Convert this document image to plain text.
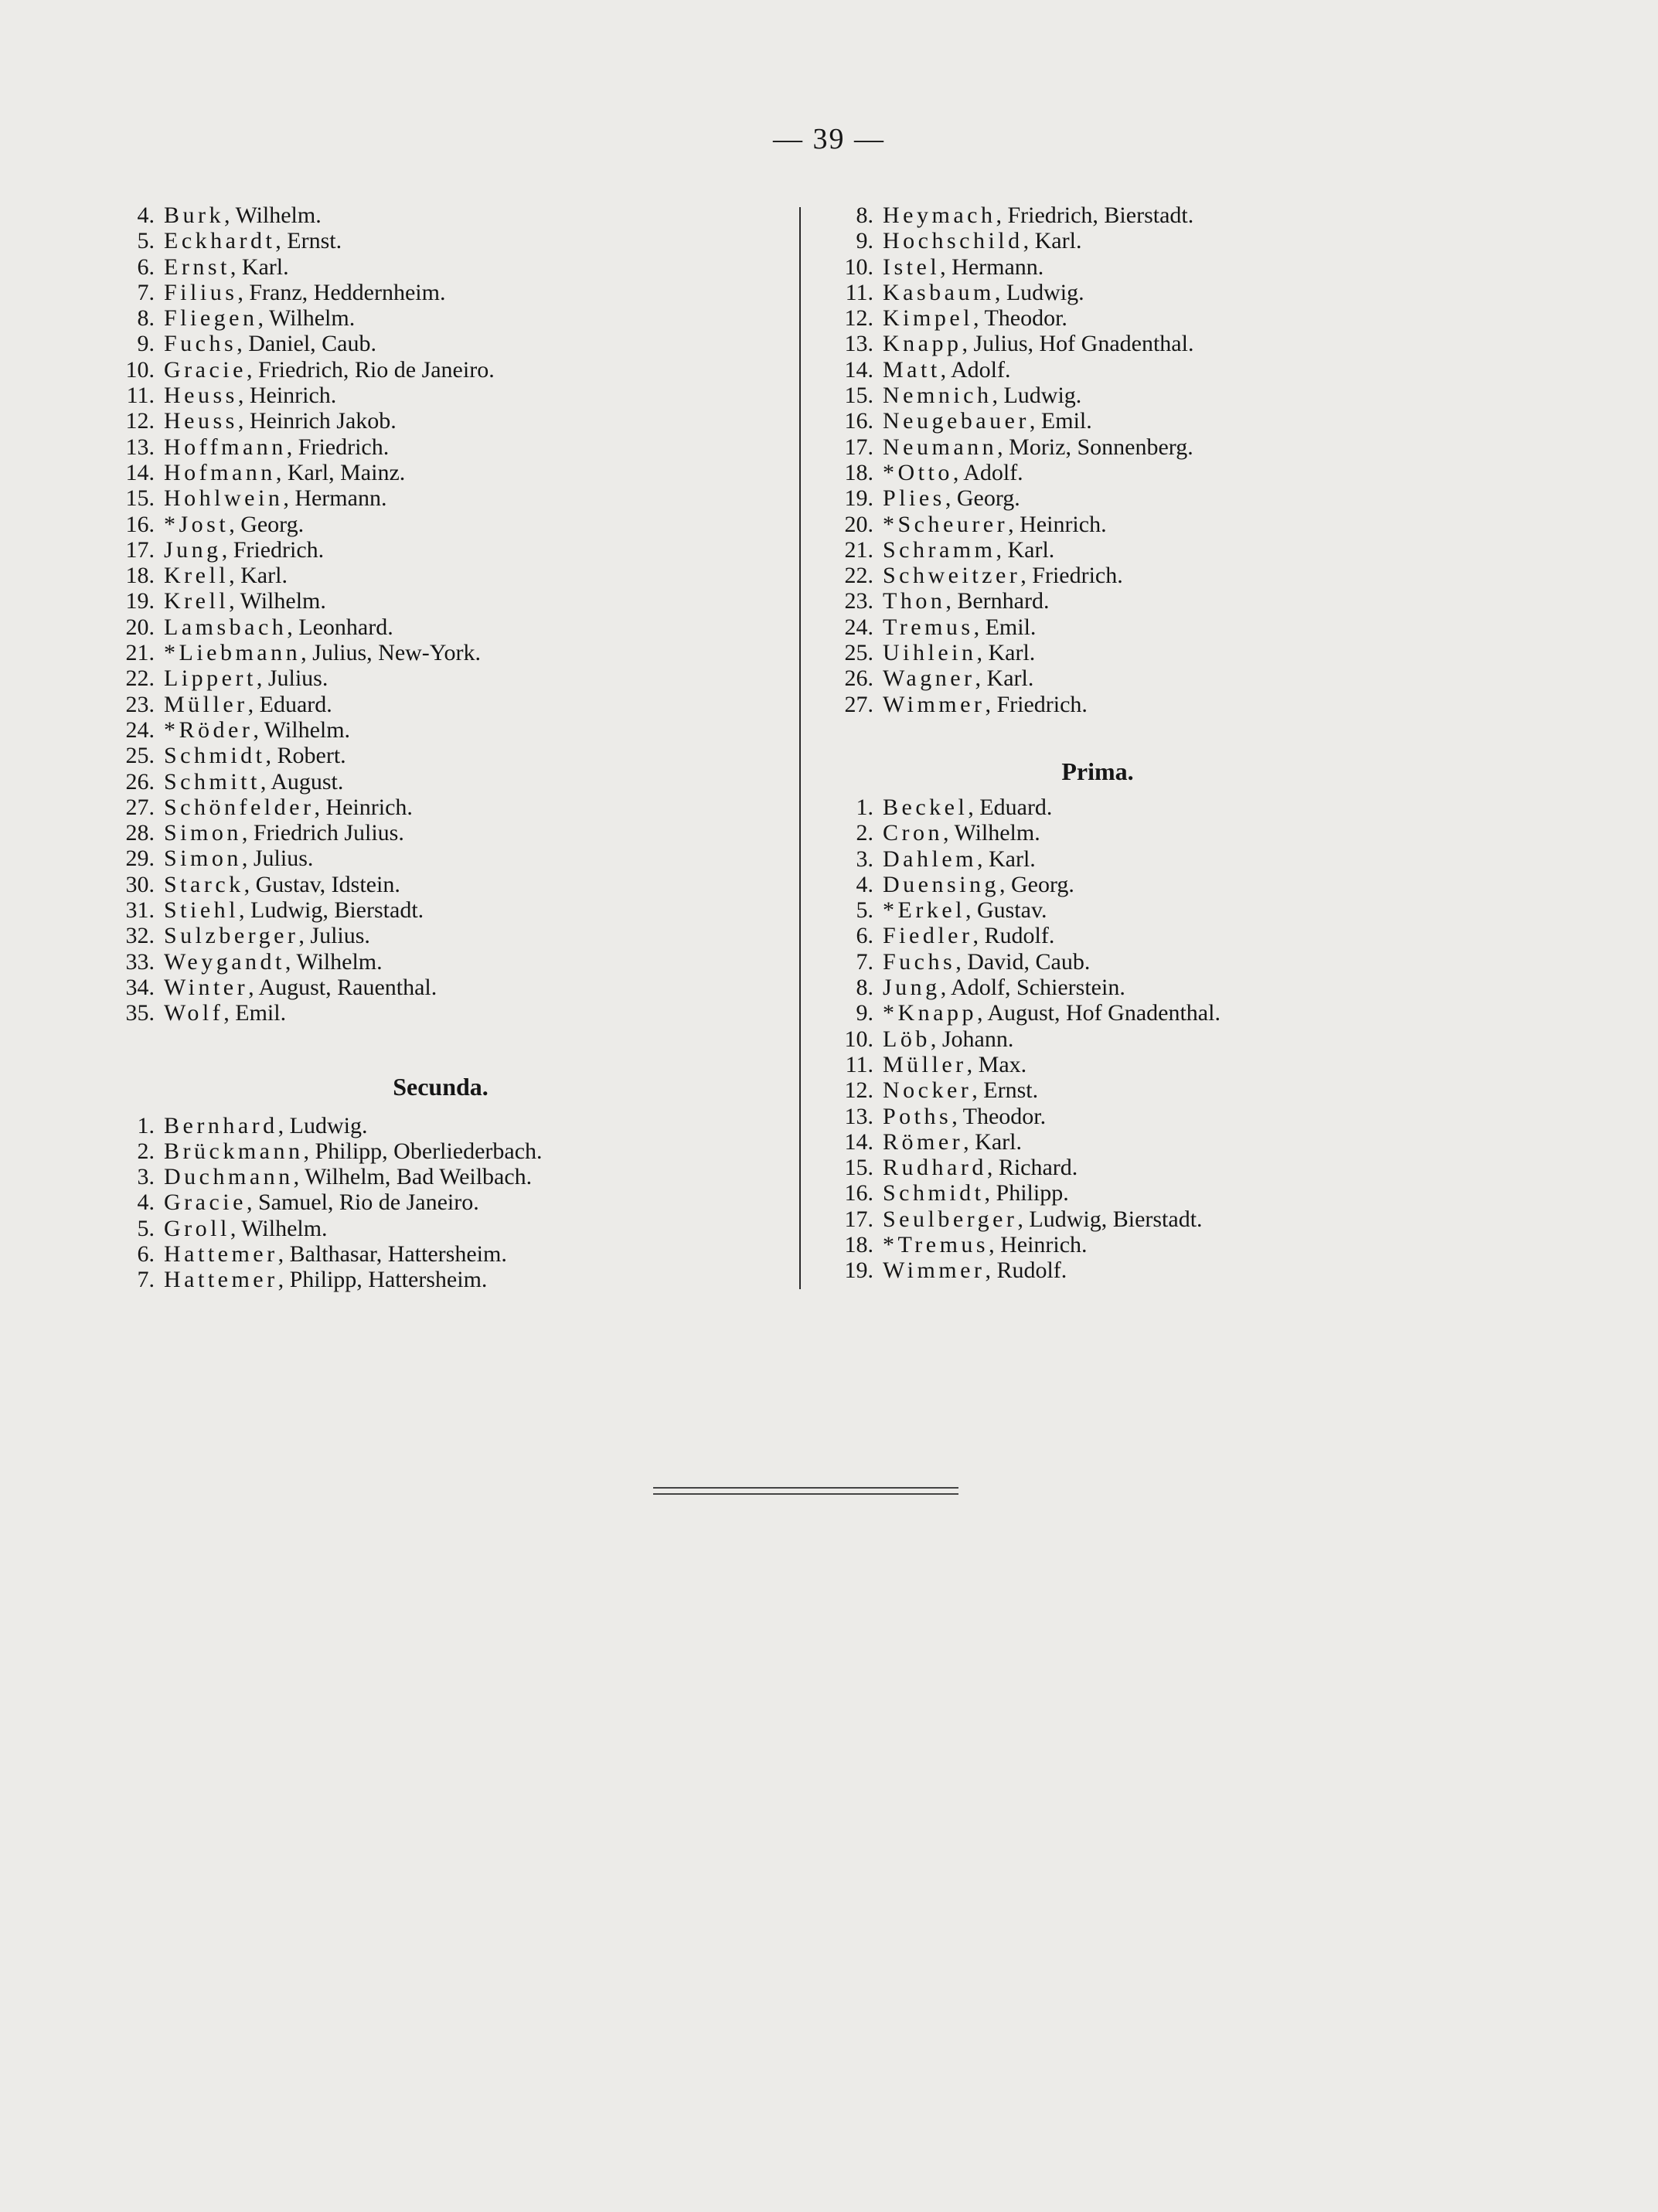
— 39 —
4. Burk , Wilhelm.
5. Eckhardt , Ernst.
6. Ernst , Karl.
7. Filius , Franz, Heddernheim.
8. Fliegen , Wilhelm.
9. Fuchs , Daniel, Caub.
10. Gracie , Friedrich, Rio de Janeiro.
11. Heuss , Heinrich.
12. Heuss , Heinrich Jakob.
13. Hoffmann , Friedrich.
14. Hofmann , Karl, Mainz.
15. Hohlwein , Hermann.
16. *Jost , Georg.
17. Jung , Friedrich.
18. Krell , Karl.
19. Krell , Wilhelm.
20. Lamsbach , Leonhard.
21. *Liebmann , Julius, New-York.
22. Lippert , Julius.
23. Müller , Eduard.
24. *Röder , Wilhelm.
25. Schmidt , Robert.
26. Schmitt , August.
27. Schönfelder , Heinrich.
28. Simon , Friedrich Julius.
29. Simon , Julius.
30. Starck , Gustav, Idstein.
31. Stiehl , Ludwig, Bierstadt.
32. Sulzberger , Julius.
33. Weygandt , Wilhelm.
34. Winter , August, Rauenthal.
35. Wolf , Emil.
Secunda.
1. Bernhard , Ludwig.
2. Brückmann , Philipp, Oberliederbach.
3. Duchmann , Wilhelm, Bad Weilbach.
4. Gracie , Samuel, Rio de Janeiro.
5. Groll , Wilhelm.
6. Hattemer , Balthasar, Hattersheim.
7. Hattemer , Philipp, Hattersheim.
8. Heymach , Friedrich, Bierstadt.
9. Hochschild , Karl.
10. Istel , Hermann.
11. Kasbaum , Ludwig.
12. Kimpel , Theodor.
13. Knapp , Julius, Hof Gnadenthal.
14. Matt , Adolf.
15. Nemnich , Ludwig.
16. Neugebauer , Emil.
17. Neumann , Moriz, Sonnenberg.
18. *Otto , Adolf.
19. Plies , Georg.
20. *Scheurer , Heinrich.
21. Schramm , Karl.
22. Schweitzer , Friedrich.
23. Thon , Bernhard.
24. Tremus , Emil.
25. Uihlein , Karl.
26. Wagner , Karl.
27. Wimmer , Friedrich.
Prima.
1. Beckel , Eduard.
2. Cron , Wilhelm.
3. Dahlem , Karl.
4. Duensing , Georg.
5. *Erkel , Gustav.
6. Fiedler , Rudolf.
7. Fuchs , David, Caub.
8. Jung , Adolf, Schierstein.
9. *Knapp , August, Hof Gnadenthal.
10. Löb , Johann.
11. Müller , Max.
12. Nocker , Ernst.
13. Poths , Theodor.
14. Römer , Karl.
15. Rudhard , Richard.
16. Schmidt , Philipp.
17. Seulberger , Ludwig, Bierstadt.
18. *Tremus , Heinrich.
19. Wimmer , Rudolf.
